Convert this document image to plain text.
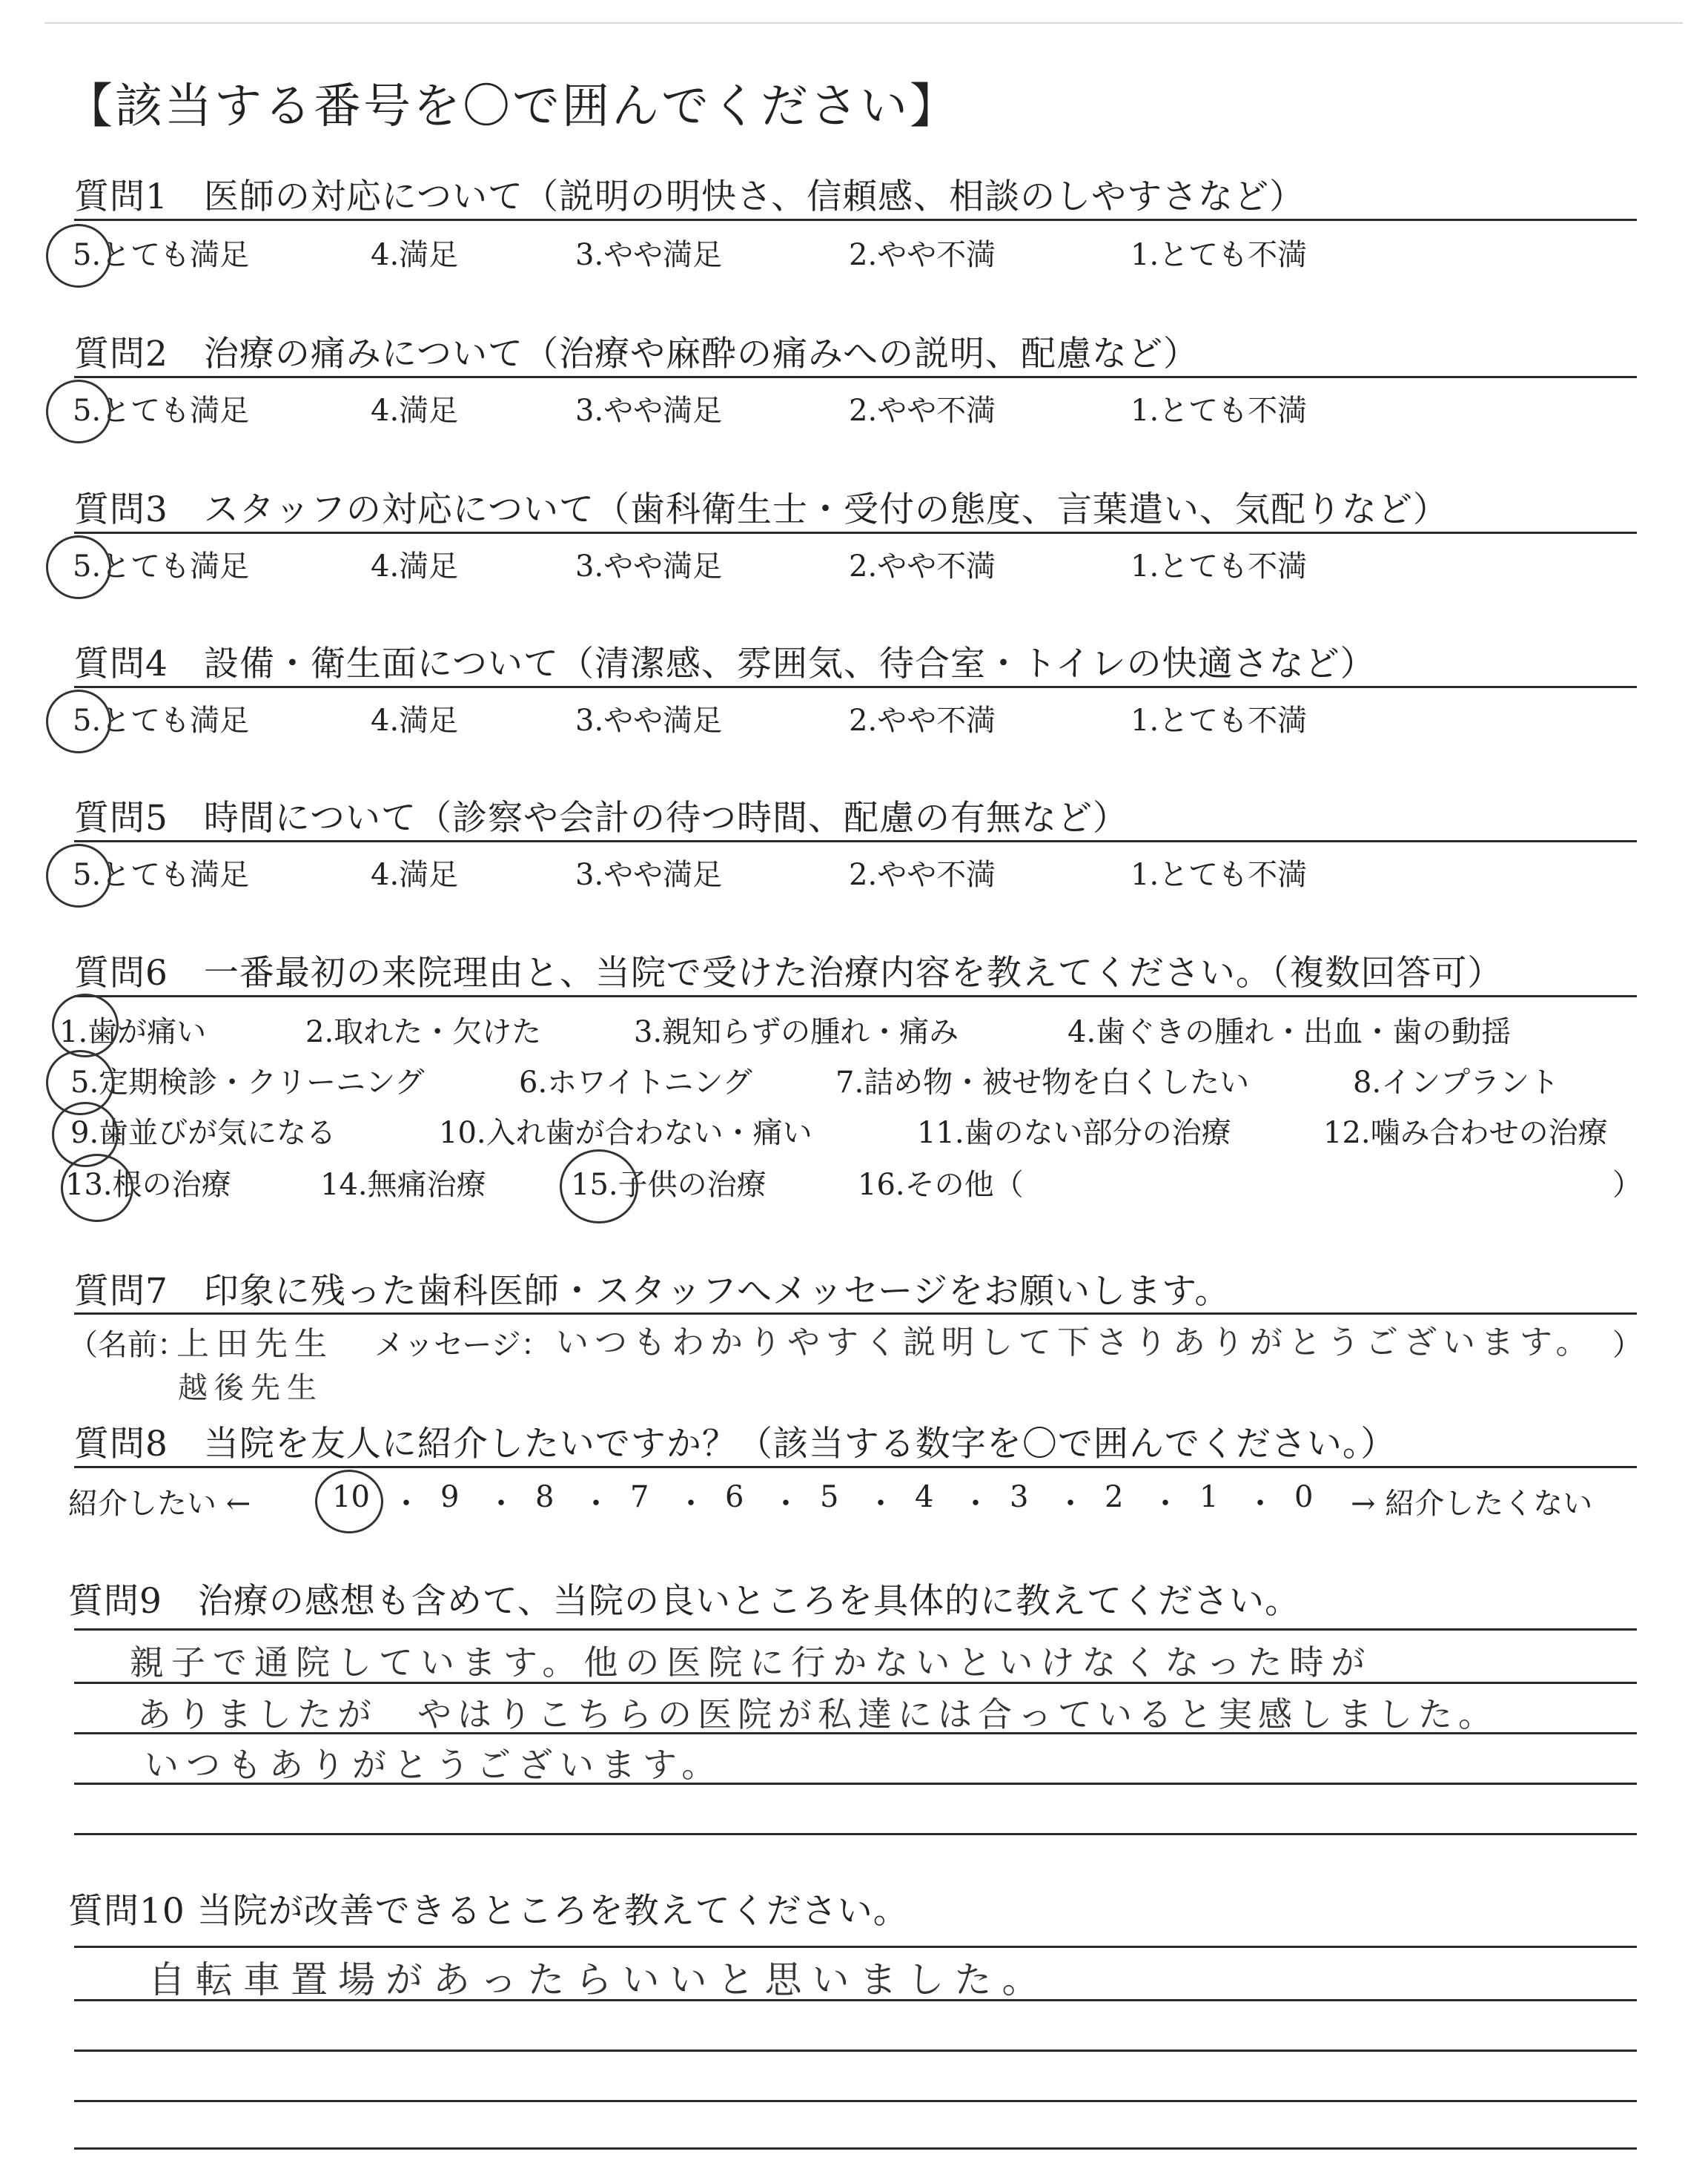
【該当する番号を〇で囲んでください】
質問1　医師の対応について（説明の明快さ、信頼感、相談のしやすさなど）
5.とても満足	4.満足	3.やや満足	2.やや不満	1.とても不満
質問2　治療の痛みについて（治療や麻酔の痛みへの説明、配慮など）
5.とても満足	4.満足	3.やや満足	2.やや不満	1.とても不満
質問3　スタッフの対応について（歯科衛生士・受付の態度、言葉遣い、気配りなど）
5.とても満足	4.満足	3.やや満足	2.やや不満	1.とても不満
質問4　設備・衛生面について（清潔感、雰囲気、待合室・トイレの快適さなど）
5.とても満足	4.満足	3.やや満足	2.やや不満	1.とても不満
質問5　時間について（診察や会計の待つ時間、配慮の有無など）
5.とても満足	4.満足	3.やや満足	2.やや不満	1.とても不満
質問6　一番最初の来院理由と、当院で受けた治療内容を教えてください。（複数回答可）
1.歯が痛い	2.取れた・欠けた	3.親知らずの腫れ・痛み	4.歯ぐきの腫れ・出血・歯の動揺
5.定期検診・クリーニング	6.ホワイトニング	7.詰め物・被せ物を白くしたい	8.インプラント
9.歯並びが気になる	10.入れ歯が合わない・痛い	11.歯のない部分の治療	12.噛み合わせの治療
13.根の治療	14.無痛治療	15.子供の治療	16.その他（	）
質問7　印象に残った歯科医師・スタッフへメッセージをお願いします。
（名前：
上田先生
越後先生
メッセージ： いつもわかりやすく説明して下さりありがとうございます。 ）
質問8　当院を友人に紹介したいですか？（該当する数字を〇で囲んでください。）
紹介したい ←	→ 紹介したくない
10 ・ 9 ・ 8 ・ 7 ・ 6 ・ 5 ・ 4 ・ 3 ・ 2 ・ 1 ・ 0
質問9　治療の感想も含めて、当院の良いところを具体的に教えてください。
親子で通院しています。他の医院に行かないといけなくなった時が
ありましたが　やはりこちらの医院が私達には合っていると実感しました。
いつもありがとうございます。
質問10 当院が改善できるところを教えてください。
自転車置場があったらいいと思いました。
